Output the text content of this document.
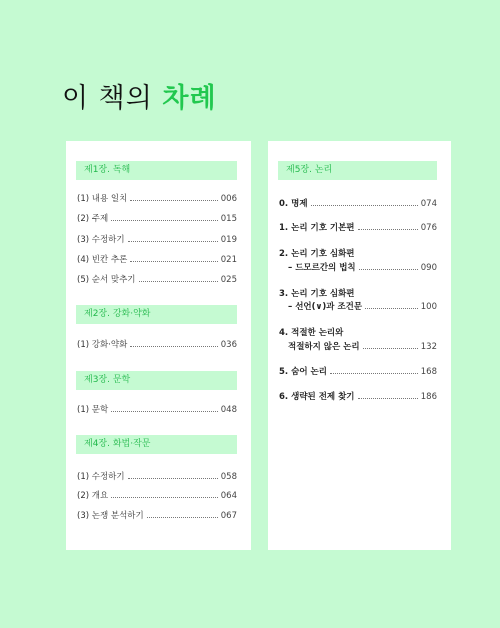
이 책의 차례
제1장. 독해
(1) 내용 일치	006
(2) 주제	015
(3) 수정하기	019
(4) 빈칸 추론	021
(5) 순서 맞추기	025
제2장. 강화·약화
(1) 강화·약화	036
제3장. 문학
(1) 문학	048
제4장. 화법·작문
(1) 수정하기	058
(2) 개요	064
(3) 논쟁 분석하기	067
제5장. 논리
0. 명제	074
1. 논리 기호 기본편	076
2. 논리 기호 심화편
– 드모르간의 법칙	090
3. 논리 기호 심화편
– 선언(∨)과 조건문	100
4. 적절한 논리와
적절하지 않은 논리	132
5. 숨어 논리	168
6. 생략된 전제 찾기	186
